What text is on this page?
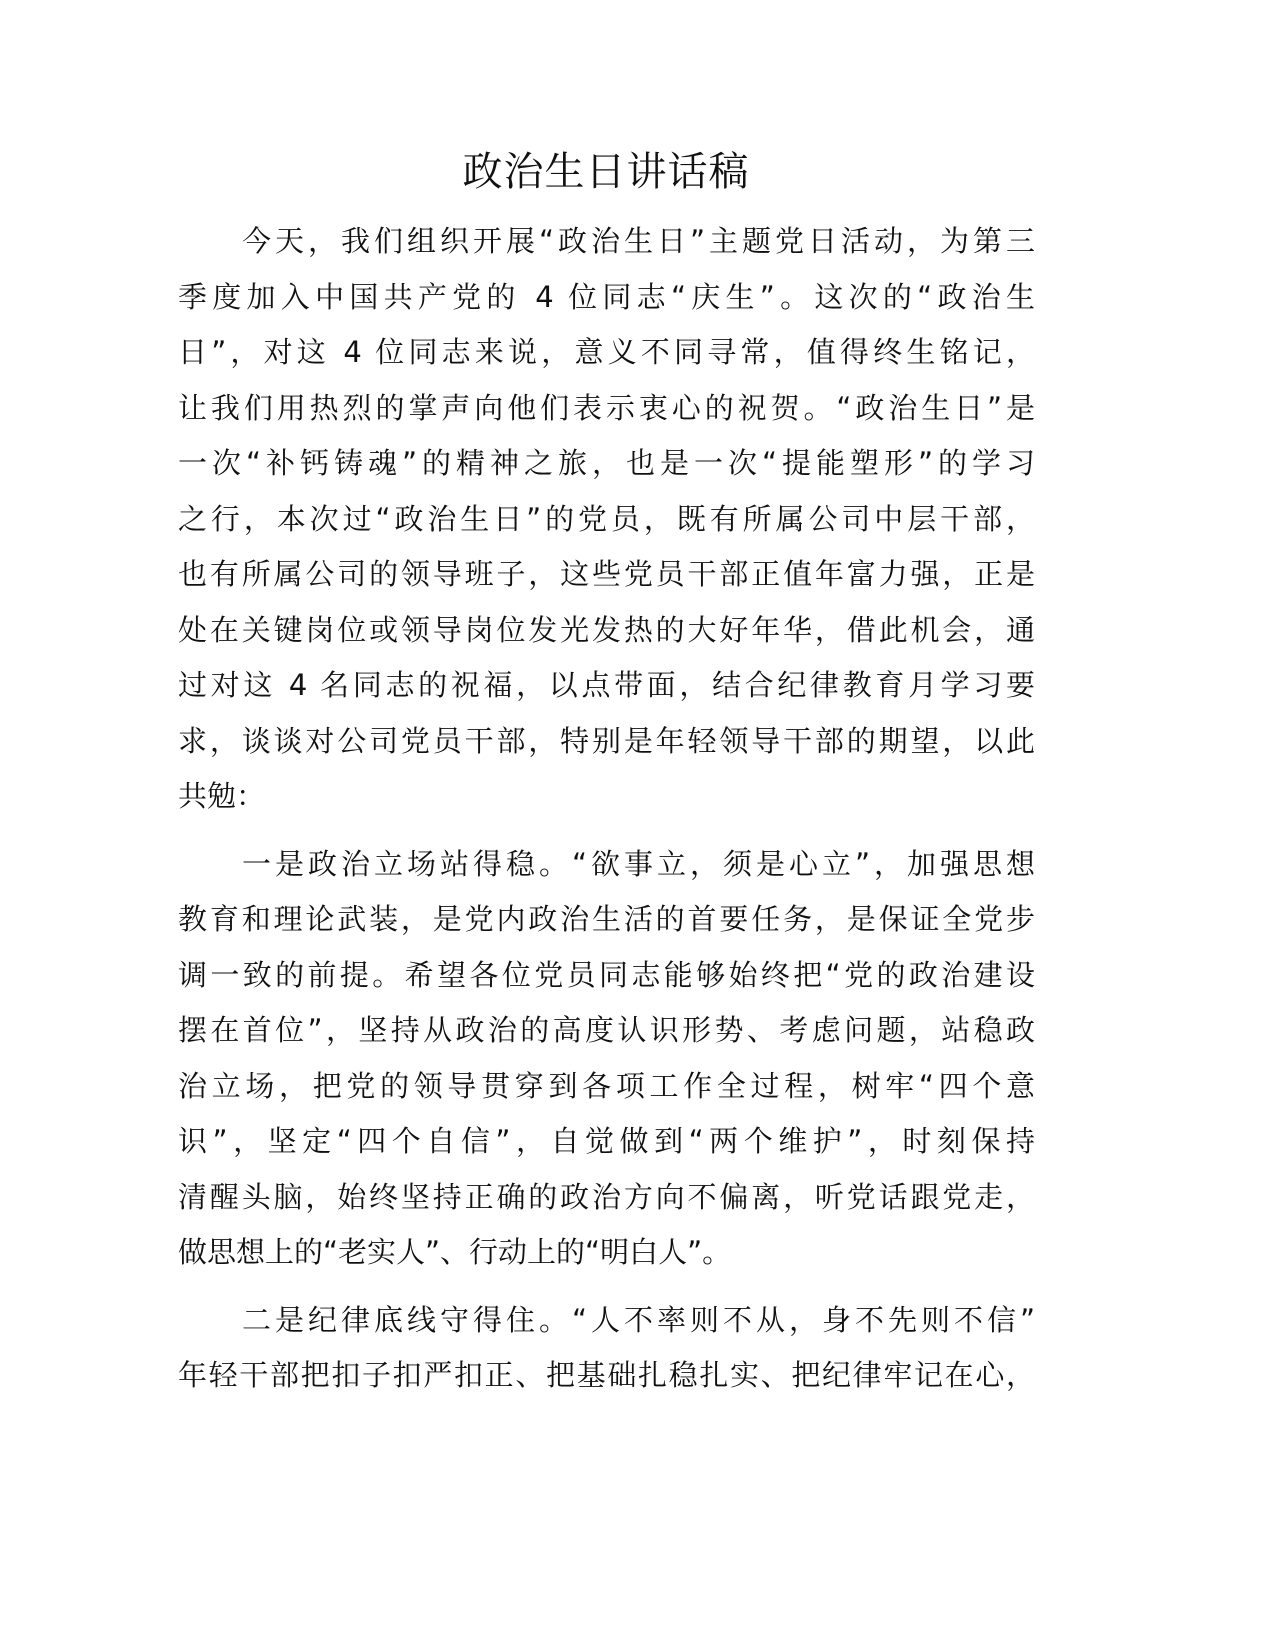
政治生日讲话稿
今天，我们组织开展“政治生日”主题党日活动，为第三
季度加入中国共产党的 4 位同志“庆生”。这次的“政治生
日”，对这 4 位同志来说，意义不同寻常，值得终生铭记，
让我们用热烈的掌声向他们表示衷心的祝贺。“政治生日”是
一次“补钙铸魂”的精神之旅，也是一次“提能塑形”的学习
之行，本次过“政治生日”的党员，既有所属公司中层干部，
也有所属公司的领导班子，这些党员干部正值年富力强，正是
处在关键岗位或领导岗位发光发热的大好年华，借此机会，通
过对这 4 名同志的祝福，以点带面，结合纪律教育月学习要
求，谈谈对公司党员干部，特别是年轻领导干部的期望，以此
共勉：
一是政治立场站得稳。“欲事立，须是心立”，加强思想
教育和理论武装，是党内政治生活的首要任务，是保证全党步
调一致的前提。希望各位党员同志能够始终把“党的政治建设
摆在首位”，坚持从政治的高度认识形势、考虑问题，站稳政
治立场，把党的领导贯穿到各项工作全过程，树牢“四个意
识”，坚定“四个自信”，自觉做到“两个维护”，时刻保持
清醒头脑，始终坚持正确的政治方向不偏离，听党话跟党走，
做思想上的“老实人”、行动上的“明白人”。
二是纪律底线守得住。“人不率则不从，身不先则不信”
年轻干部把扣子扣严扣正、把基础扎稳扎实、把纪律牢记在心，
